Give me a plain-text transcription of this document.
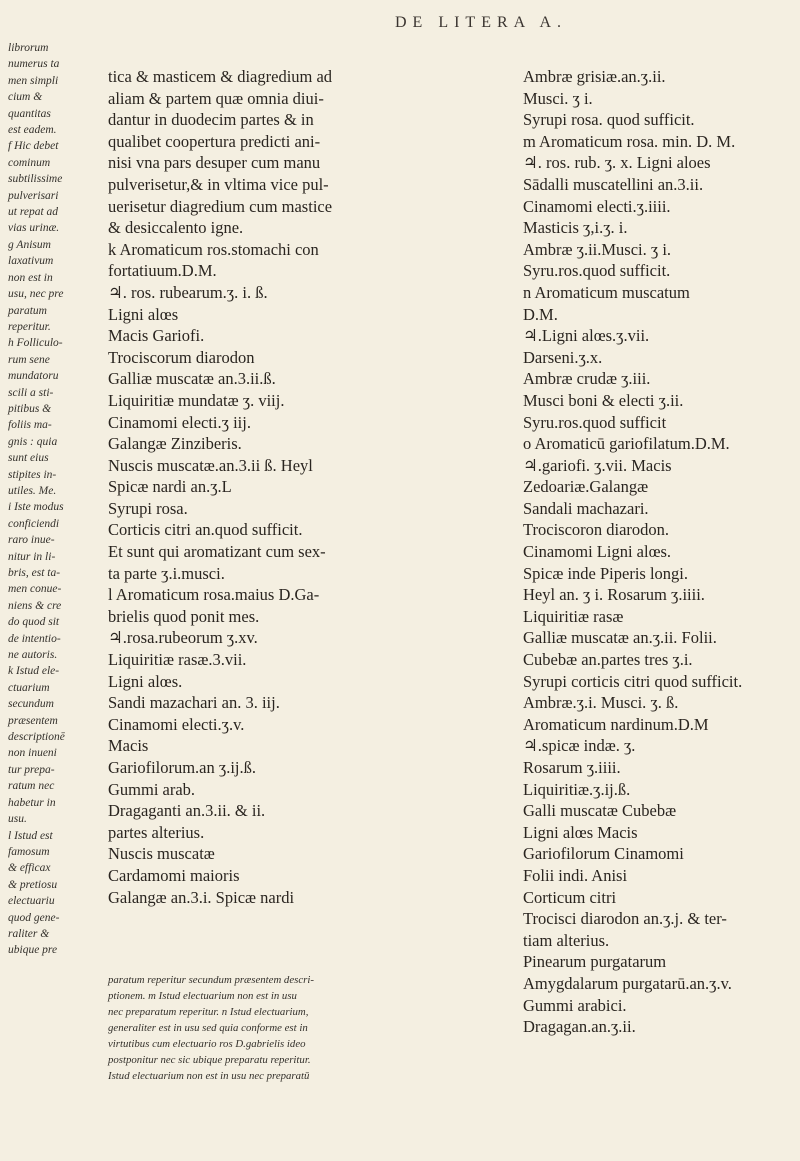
DE LITERA A.
librorum
numerus ta
men simpli
cium &
quantitas
est eadem.
f Hic debet
cominum
subtilissime
pulverisari
ut repat ad
vias urinæ.
g Anisum
laxativum
non est in
usu, nec pre
paratum
reperitur.
h Folliculo-
rum sene
mundatoru
scili a sti-
pitibus &
foliis ma-
gnis : quia
sunt eius
stipites in-
utiles. Me.
i Iste modus
conficiendi
raro inue-
nitur in li-
bris, est ta-
men conue-
niens & cre
do quod sit
de intentio-
ne autoris.
k Istud ele-
ctuarium
secundum
præsentem
descriptionē
non inueni
tur prepa-
ratum nec
habetur in
usu.
l Istud est
famosum
& efficax
& pretiosu
electuariu
quod gene-
raliter &
ubique pre
tica & masticem & diagredium ad
aliam & partem quæ omnia diui-
dantur in duodecim partes & in
qualibet coopertura predicti ani-
nisi vna pars desuper cum manu
pulverisetur,& in vltima vice pul-
uerisetur diagredium cum mastice
& desiccalento igne.
k Aromaticum ros.stomachi con
fortatiuum.D.M.
♃. ros. rubearum.ʒ. i. ß.
Ligni alœs
Macis Gariofi.
Trociscorum diarodon
Galliæ muscatæ an.3.ii.ß.
Liquiritiæ mundatæ ʒ. viij.
Cinamomi electi.ʒ iij.
Galangæ Zinziberis.
Nuscis muscatæ.an.3.ii ß. Heyl
Spicæ nardi an.ʒ.L
Syrupi rosa.
Corticis citri an.quod sufficit.
Et sunt qui aromatizant cum sex-
ta parte ʒ.i.musci.
l Aromaticum rosa.maius D.Ga-
brielis quod ponit mes.
♃.rosa.rubeorum ʒ.xv.
Liquiritiæ rasæ.3.vii.
Ligni alœs.
Sandi mazachari an. 3. iij.
Cinamomi electi.ʒ.v.
Macis
Gariofilorum.an ʒ.ij.ß.
Gummi arab.
Dragaganti an.3.ii. & ii.
partes alterius.
Nuscis muscatæ
Cardamomi maioris
Galangæ an.3.i. Spicæ nardi
paratum reperitur secundum præsentem descri-
ptionem. m Istud electuarium non est in usu
nec preparatum reperitur. n Istud electuarium,
generaliter est in usu sed quia conforme est in
virtutibus cum electuario ros D.gabrielis ideo
postponitur nec sic ubique preparatu reperitur.
Istud electuarium non est in usu nec preparatū
Ambræ grisiæ.an.ʒ.ii.
Musci. ʒ i.
Syrupi rosa. quod sufficit.
m Aromaticum rosa. min. D. M.
♃. ros. rub. ʒ. x. Ligni aloes
Sādalli muscatellini an.3.ii.
Cinamomi electi.ʒ.iiii.
Masticis ʒ,i.ʒ. i.
Ambræ ʒ.ii.Musci. ʒ i.
Syru.ros.quod sufficit.
n Aromaticum muscatum
D.M.
♃.Ligni alœs.ʒ.vii.
Darseni.ʒ.x.
Ambræ crudæ ʒ.iii.
Musci boni & electi ʒ.ii.
Syru.ros.quod sufficit
o Aromaticū gariofilatum.D.M.
♃.gariofi. ʒ.vii. Macis
Zedoariæ.Galangæ
Sandali machazari.
Trociscoron diarodon.
Cinamomi Ligni alœs.
Spicæ inde Piperis longi.
Heyl an. ʒ i. Rosarum ʒ.iiii.
Liquiritiæ rasæ
Galliæ muscatæ an.ʒ.ii. Folii.
Cubebæ an.partes tres ʒ.i.
Syrupi corticis citri quod sufficit.
Ambræ.ʒ.i. Musci. ʒ. ß.
Aromaticum nardinum.D.M
♃.spicæ indæ. ʒ.
Rosarum ʒ.iiii.
Liquiritiæ.ʒ.ij.ß.
Galli muscatæ Cubebæ
Ligni alœs Macis
Gariofilorum Cinamomi
Folii indi. Anisi
Corticum citri
Trocisci diarodon an.ʒ.j. & ter-
tiam alterius.
Pinearum purgatarum
Amygdalarum purgatarū.an.ʒ.v.
Gummi arabici.
Dragagan.an.ʒ.ii.
